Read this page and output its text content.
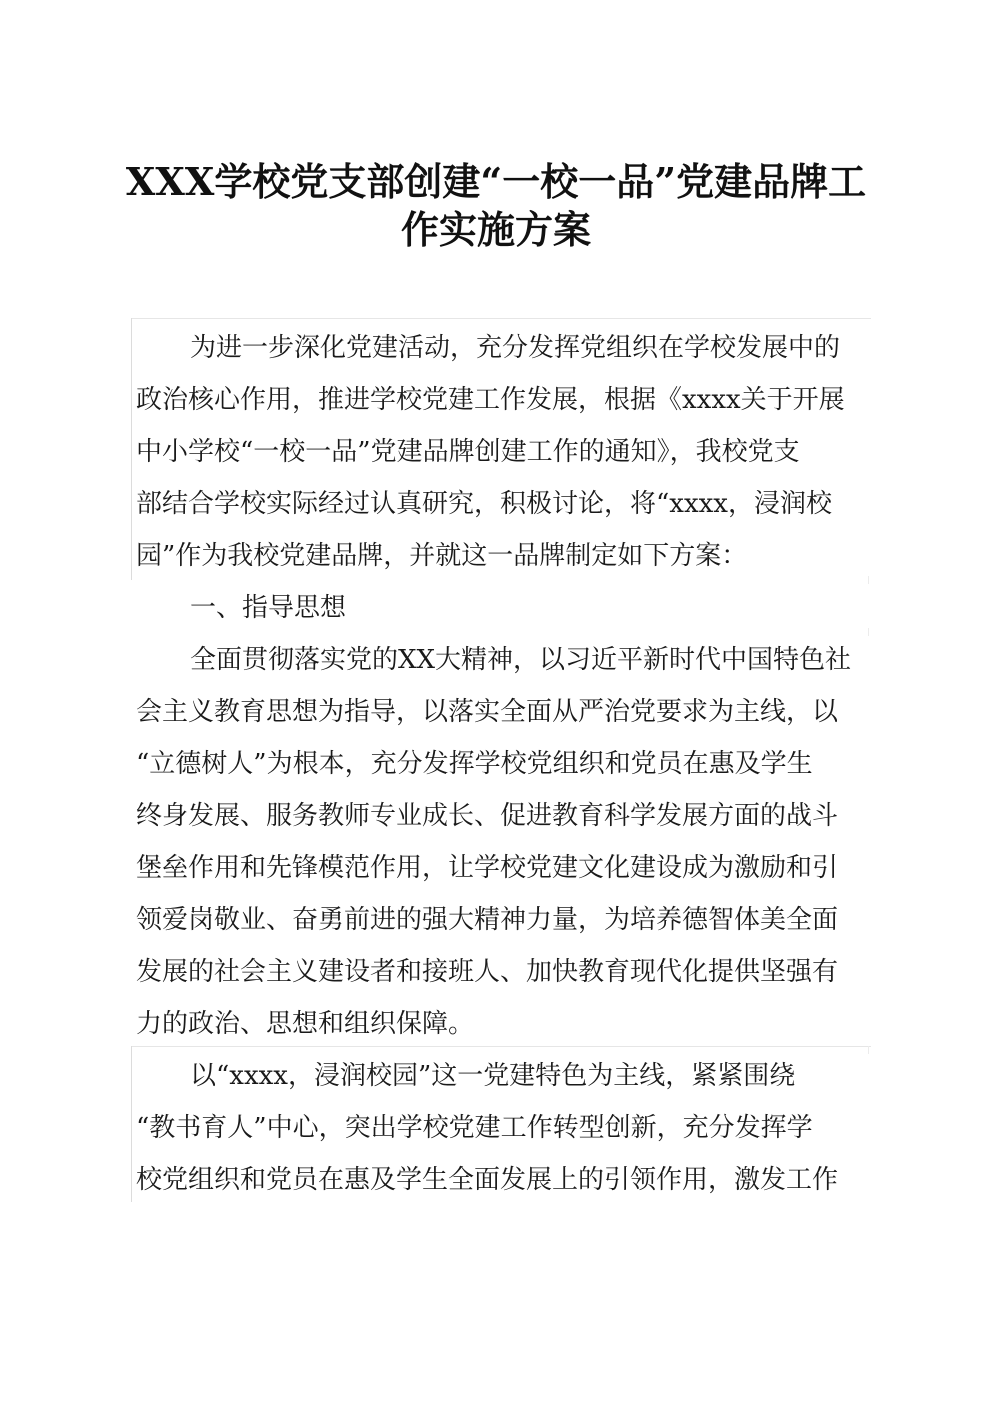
XXX学校党支部创建“一校一品”党建品牌工
作实施方案
为进一步深化党建活动，充分发挥党组织在学校发展中的
政治核心作用，推进学校党建工作发展，根据《xxxx关于开展
中小学校“一校一品”党建品牌创建工作的通知》，我校党支
部结合学校实际经过认真研究，积极讨论，将“xxxx，浸润校
园”作为我校党建品牌，并就这一品牌制定如下方案：
一、指导思想
全面贯彻落实党的XX大精神，以习近平新时代中国特色社
会主义教育思想为指导，以落实全面从严治党要求为主线，以
“立德树人”为根本，充分发挥学校党组织和党员在惠及学生
终身发展、服务教师专业成长、促进教育科学发展方面的战斗
堡垒作用和先锋模范作用，让学校党建文化建设成为激励和引
领爱岗敬业、奋勇前进的强大精神力量，为培养德智体美全面
发展的社会主义建设者和接班人、加快教育现代化提供坚强有
力的政治、思想和组织保障。
以“xxxx，浸润校园”这一党建特色为主线，紧紧围绕
“教书育人”中心，突出学校党建工作转型创新，充分发挥学
校党组织和党员在惠及学生全面发展上的引领作用，激发工作
